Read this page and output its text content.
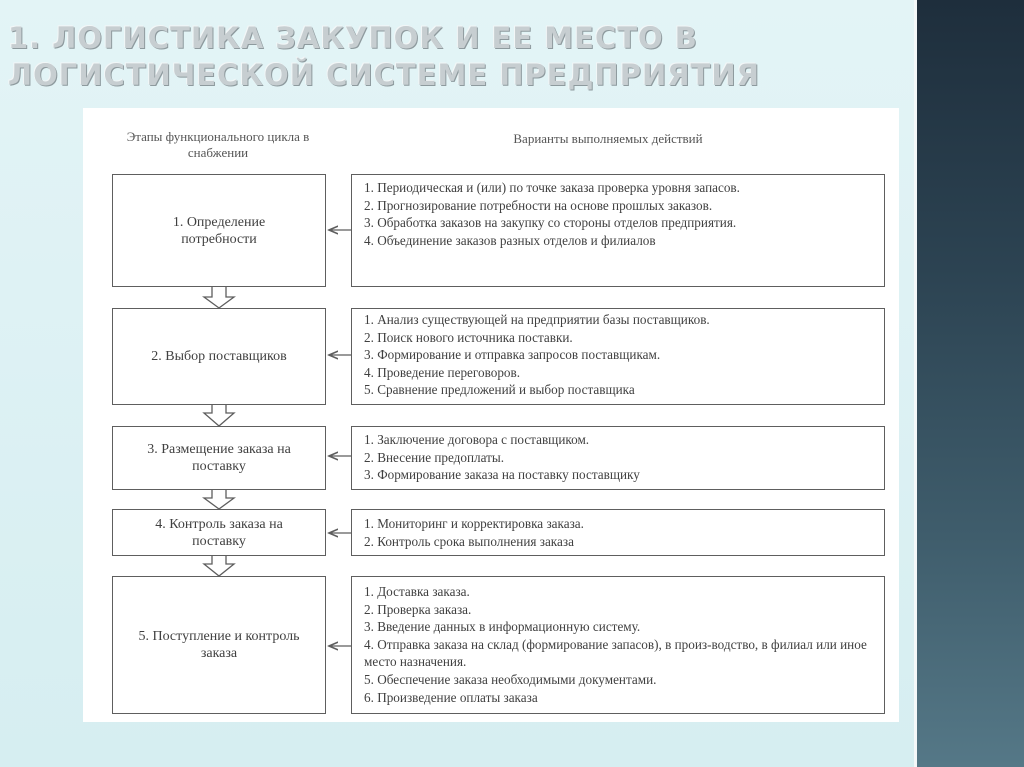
1. ЛОГИСТИКА ЗАКУПОК И ЕЕ МЕСТО В
ЛОГИСТИЧЕСКОЙ СИСТЕМЕ ПРЕДПРИЯТИЯ
Этапы функционального цикла в снабжении
Варианты выполняемых действий
1. Определение потребности
1. Периодическая и (или) по точке заказа проверка уровня запасов.
2. Прогнозирование потребности на основе прошлых заказов.
3. Обработка заказов на закупку со стороны отделов предприятия.
4. Объединение заказов разных отделов и филиалов
2. Выбор поставщиков
1. Анализ существующей на предприятии базы поставщиков.
2. Поиск нового источника поставки.
3. Формирование и отправка запросов поставщикам.
4. Проведение переговоров.
5. Сравнение предложений и выбор поставщика
3. Размещение заказа на поставку
1. Заключение договора с поставщиком.
2. Внесение предоплаты.
3. Формирование заказа на поставку поставщику
4. Контроль заказа на поставку
1. Мониторинг и корректировка заказа.
2. Контроль срока выполнения заказа
5. Поступление и контроль заказа
1. Доставка заказа.
2. Проверка заказа.
3. Введение данных в информационную систему.
4. Отправка заказа на склад (формирование запасов), в произ-водство, в филиал или иное место назначения.
5. Обеспечение заказа необходимыми документами.
6. Произведение оплаты заказа
